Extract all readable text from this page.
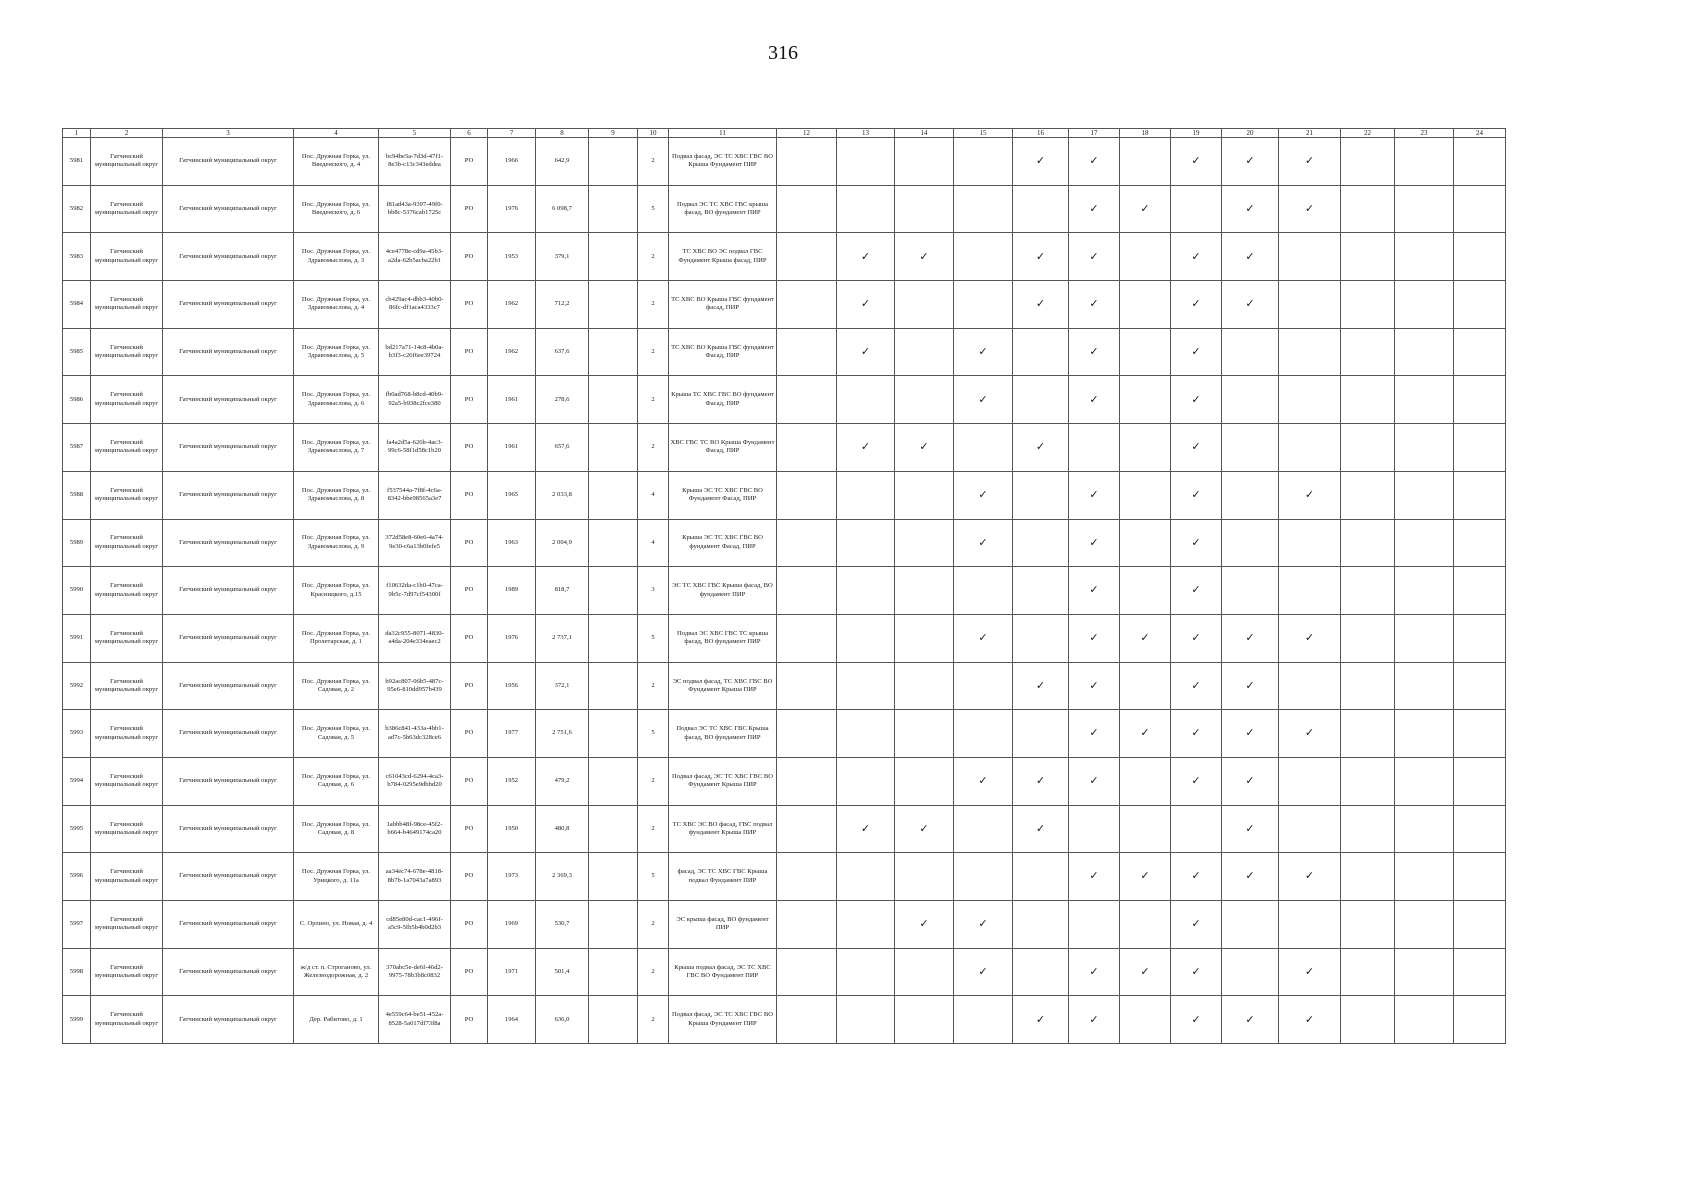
316
1	2	3	4	5	6	7	8	9	10	11	12	13	14	15	16	17	18	19	20	21	22	23	24
5981	Гатчинский муниципальный округ	Гатчинский муниципальный округ	Пос. Дружная Горка, ул. Введенского, д. 4	bc94be5a-7d3d-47f1-8e3b-c13c343eddea	РО	1966	642,9		2	Подвал фасад, ЭС ТС ХВС ГВС ВО Крыша Фундамент ПИР					✓	✓		✓	✓	✓			
5982	Гатчинский муниципальный округ	Гатчинский муниципальный округ	Пос. Дружная Горка, ул. Введенского, д. 6	f81ad43a-9397-49f0-bb8c-5376cab1725c	РО	1976	6 098,7		5	Подвал ЭС ТС ХВС ГВС крыша фасад, ВО фундамент ПИР						✓	✓		✓	✓			
5983	Гатчинский муниципальный округ	Гатчинский муниципальный округ	Пос. Дружная Горка, ул. Здравомыслова, д. 3	4ce4778e-cd9a-45b3-a2da-62b5acba22b1	РО	1953	379,1		2	ТС ХВС ВО ЭС подвал ГВС Фундамент Крыша фасад, ПИР		✓	✓		✓	✓		✓	✓				
5984	Гатчинский муниципальный округ	Гатчинский муниципальный округ	Пос. Дружная Горка, ул. Здравомыслова, д. 4	cb429ac4-dbb3-40b0-86fc-df1aca4333c7	РО	1962	712,2		2	ТС ХВС ВО Крыша ГВС фундамент фасад, ПИР		✓			✓	✓		✓	✓				
5985	Гатчинский муниципальный округ	Гатчинский муниципальный округ	Пос. Дружная Горка, ул. Здравомыслова, д. 5	bd217a71-14c8-4b0a-b3f3-c26f6ee39724	РО	1962	637,6		2	ТС ХВС ВО Крыша ГВС фундамент Фасад, ПИР		✓		✓		✓		✓					
5986	Гатчинский муниципальный округ	Гатчинский муниципальный округ	Пос. Дружная Горка, ул. Здравомыслова, д. 6	fb0ad768-b8cd-40b9-92a5-b938c2fce380	РО	1961	278,6		2	Крыша ТС ХВС ГВС ВО фундамент Фасад, ПИР				✓		✓		✓					
5987	Гатчинский муниципальный округ	Гатчинский муниципальный округ	Пос. Дружная Горка, ул. Здравомыслова, д. 7	fa4a2d5a-626b-4ac3-99c6-58f1d58c1b20	РО	1961	657,6		2	ХВС ГВС ТС ВО Крыша Фундамент Фасад, ПИР		✓	✓		✓			✓					
5988	Гатчинский муниципальный округ	Гатчинский муниципальный округ	Пос. Дружная Горка, ул. Здравомыслова, д. 8	f537544a-7f8f-4c6a-8342-bbe98565a3e7	РО	1965	2 033,8		4	Крыша ЭС ТС ХВС ГВС ВО Фундамент Фасад, ПИР				✓		✓		✓		✓			
5989	Гатчинский муниципальный округ	Гатчинский муниципальный округ	Пос. Дружная Горка, ул. Здравомыслова, д. 9	372d58e8-60e6-4a74-9e30-c6a13b0fefe5	РО	1963	2 004,9		4	Крыша ЭС ТС ХВС ГВС ВО фундамент Фасад, ПИР				✓		✓		✓					
5990	Гатчинский муниципальный округ	Гатчинский муниципальный округ	Пос. Дружная Горка, ул. Красницкого, д.15	f10632da-c1b0-47ca-9b5c-7d97cf54300f	РО	1989	818,7		3	ЭС ТС ХВС ГВС Крыша фасад, ВО фундамент ПИР						✓		✓					
5991	Гатчинский муниципальный округ	Гатчинский муниципальный округ	Пос. Дружная Горка, ул. Пролетарская, д. 1	da32c955-8071-4830-a4da-204e334eaec2	РО	1976	2 737,1		5	Подвал ЭС ХВС ГВС ТС крыша фасад, ВО фундамент ПИР				✓		✓	✓	✓	✓	✓			
5992	Гатчинский муниципальный округ	Гатчинский муниципальный округ	Пос. Дружная Горка, ул. Садовая, д. 2	b92ac807-06b5-487c-95e6-810dd957b439	РО	1956	372,1		2	ЭС подвал фасад, ТС ХВС ГВС ВО Фундамент Крыша ПИР					✓	✓		✓	✓				
5993	Гатчинский муниципальный округ	Гатчинский муниципальный округ	Пос. Дружная Горка, ул. Садовая, д. 5	b386c841-433a-4bb1-ad7c-5b63dc328ce6	РО	1977	2 751,6		5	Подвал ЭС ТС ХВС ГВС Крыша фасад, ВО фундамент ПИР						✓	✓	✓	✓	✓			
5994	Гатчинский муниципальный округ	Гатчинский муниципальный округ	Пос. Дружная Горка, ул. Садовая, д. 6	c61043cd-6294-4ca3-b784-0295e9dbbd20	РО	1952	479,2		2	Подвал фасад, ЭС ТС ХВС ГВС ВО Фундамент Крыша ПИР				✓	✓	✓		✓	✓				
5995	Гатчинский муниципальный округ	Гатчинский муниципальный округ	Пос. Дружная Горка, ул. Садовая, д. 8	1abbb48f-98ce-45f2-b664-b4649174ca20	РО	1950	480,8		2	ТС ХВС ЭС ВО фасад, ГВС подвал фундамент Крыша ПИР		✓	✓		✓				✓				
5996	Гатчинский муниципальный округ	Гатчинский муниципальный округ	Пос. Дружная Горка, ул. Урицкого, д. 11а	aa34ec74-678e-4818-8b7b-1a7043a7a893	РО	1973	2 369,3		5	фасад, ЭС ТС ХВС ГВС Крыша подвал Фундамент ПИР						✓	✓	✓	✓	✓			
5997	Гатчинский муниципальный округ	Гатчинский муниципальный округ	С. Орлино, ул. Новая, д. 4	cd85e80d-cac1-496f-a5c9-5fb5b4b0d2b3	РО	1969	530,7		2	ЭС крыша фасад, ВО фундамент ПИР			✓	✓				✓					
5998	Гатчинский муниципальный округ	Гатчинский муниципальный округ	ж/д ст. п. Строганово, ул. Железнодорожная, д. 2	370abc5e-de6f-46d2-9975-78b3b8c0832	РО	1971	501,4		2	Крыша подвал фасад, ЭС ТС ХВС ГВС ВО Фундамент ПИР				✓		✓	✓	✓		✓			
5999	Гатчинский муниципальный округ	Гатчинский муниципальный округ	Дер. Рабитово, д. 1	4e559c64-be51-452a-8528-5a017df73f8a	РО	1964	636,0		2	Подвал фасад, ЭС ТС ХВС ГВС ВО Крыша Фундамент ПИР					✓	✓		✓	✓	✓			
